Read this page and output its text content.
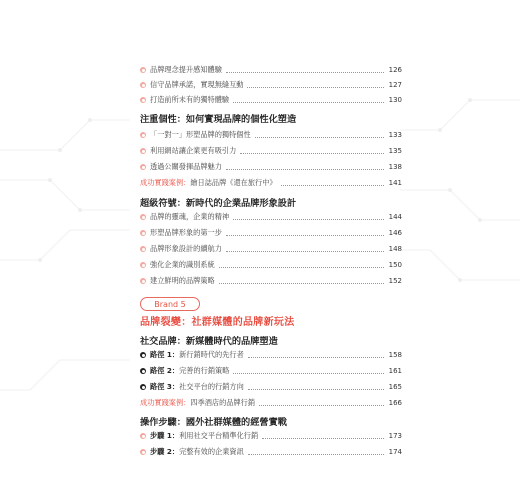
品牌理念提升感知體驗	126
信守品牌承諾，實現無縫互動	127
打造前所未有的獨特體驗	130
注重個性：如何實現品牌的個性化塑造
「一對一」形塑品牌的獨特個性	133
利用網站讓企業更有吸引力	135
透過公關發揮品牌魅力	138
成功實踐案例：繪日誌品牌《還在旅行中》	141
超級符號：新時代的企業品牌形象設計
品牌的靈魂，企業的精神	144
形塑品牌形象的第一步	146
品牌形象設計的續航力	148
強化企業的識別系統	150
建立鮮明的品牌策略	152
Brand 5
品牌裂變：社群媒體的品牌新玩法
社交品牌：新媒體時代的品牌塑造
路徑 1：新行銷時代的先行者	158
路徑 2：完善的行銷策略	161
路徑 3：社交平台的行銷方向	165
成功實踐案例：四季酒店的品牌行銷	166
操作步驟：國外社群媒體的經營實戰
步驟 1：利用社交平台精準化行銷	173
步驟 2：完整有效的企業資訊	174
